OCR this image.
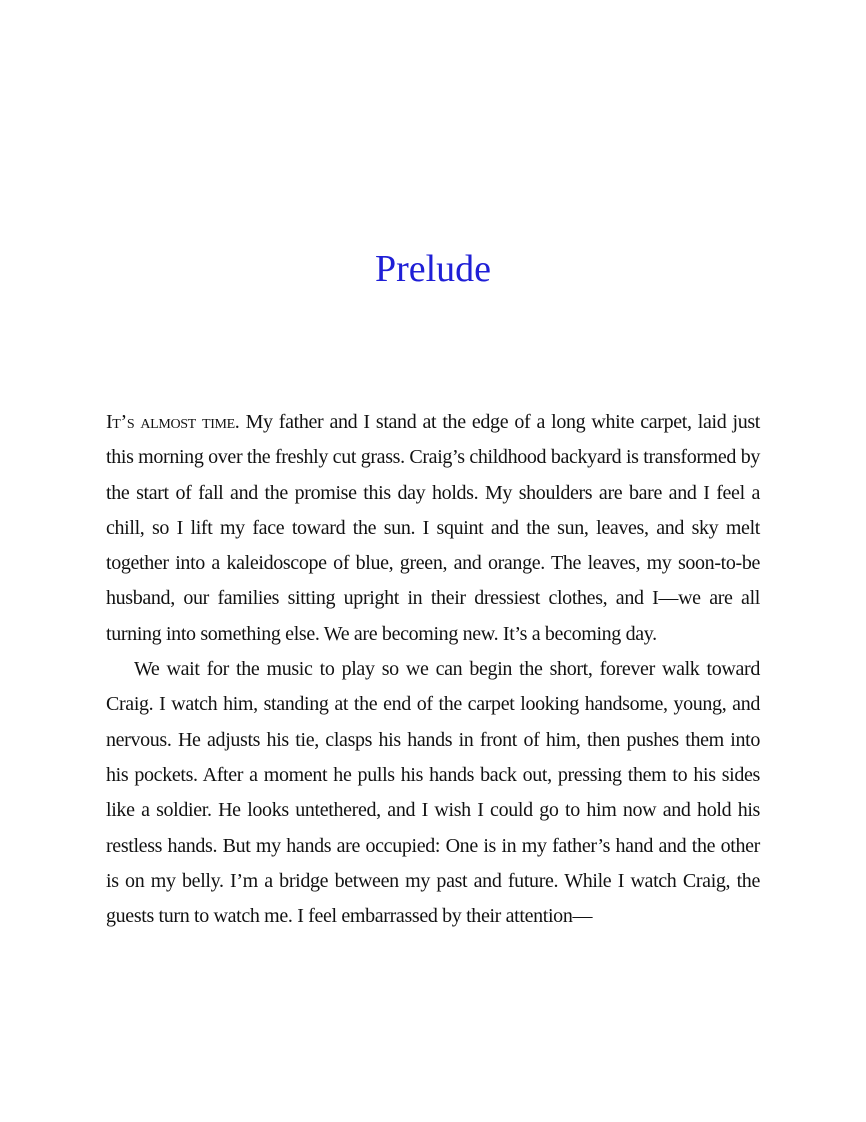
Prelude

It’s almost time. My father and I stand at the edge of a long white carpet, laid just this morning over the freshly cut grass. Craig’s childhood backyard is transformed by the start of fall and the promise this day holds. My shoulders are bare and I feel a chill, so I lift my face toward the sun. I squint and the sun, leaves, and sky melt together into a kaleidoscope of blue, green, and orange. The leaves, my soon-to-be husband, our families sitting upright in their dressiest clothes, and I—we are all turning into something else. We are becoming new. It’s a becoming day.

We wait for the music to play so we can begin the short, forever walk toward Craig. I watch him, standing at the end of the carpet looking handsome, young, and nervous. He adjusts his tie, clasps his hands in front of him, then pushes them into his pockets. After a moment he pulls his hands back out, pressing them to his sides like a soldier. He looks untethered, and I wish I could go to him now and hold his restless hands. But my hands are occupied: One is in my father’s hand and the other is on my belly. I’m a bridge between my past and future. While I watch Craig, the guests turn to watch me. I feel embarrassed by their attention—
